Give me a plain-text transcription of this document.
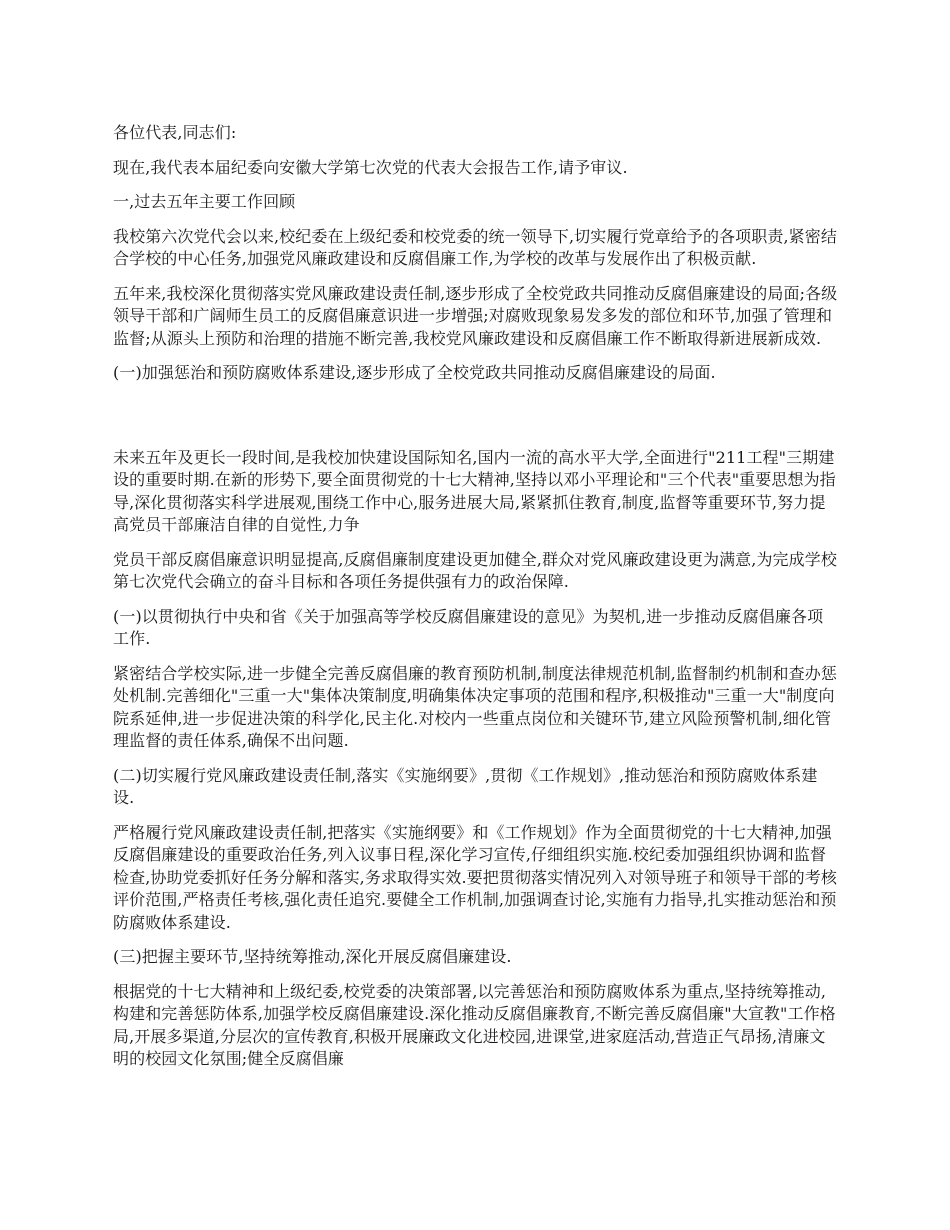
各位代表,同志们:

现在,我代表本届纪委向安徽大学第七次党的代表大会报告工作,请予审议.

一,过去五年主要工作回顾

我校第六次党代会以来,校纪委在上级纪委和校党委的统一领导下,切实履行党章给予的各项职责,紧密结合学校的中心任务,加强党风廉政建设和反腐倡廉工作,为学校的改革与发展作出了积极贡献.

五年来,我校深化贯彻落实党风廉政建设责任制,逐步形成了全校党政共同推动反腐倡廉建设的局面;各级领导干部和广阔师生员工的反腐倡廉意识进一步增强;对腐败现象易发多发的部位和环节,加强了管理和监督;从源头上预防和治理的措施不断完善,我校党风廉政建设和反腐倡廉工作不断取得新进展新成效.

(一)加强惩治和预防腐败体系建设,逐步形成了全校党政共同推动反腐倡廉建设的局面.

未来五年及更长一段时间,是我校加快建设国际知名,国内一流的高水平大学,全面进行"211工程"三期建设的重要时期.在新的形势下,要全面贯彻党的十七大精神,坚持以邓小平理论和"三个代表"重要思想为指导,深化贯彻落实科学进展观,围绕工作中心,服务进展大局,紧紧抓住教育,制度,监督等重要环节,努力提高党员干部廉洁自律的自觉性,力争

党员干部反腐倡廉意识明显提高,反腐倡廉制度建设更加健全,群众对党风廉政建设更为满意,为完成学校第七次党代会确立的奋斗目标和各项任务提供强有力的政治保障.

(一)以贯彻执行中央和省《关于加强高等学校反腐倡廉建设的意见》为契机,进一步推动反腐倡廉各项工作.

紧密结合学校实际,进一步健全完善反腐倡廉的教育预防机制,制度法律规范机制,监督制约机制和查办惩处机制.完善细化"三重一大"集体决策制度,明确集体决定事项的范围和程序,积极推动"三重一大"制度向院系延伸,进一步促进决策的科学化,民主化.对校内一些重点岗位和关键环节,建立风险预警机制,细化管理监督的责任体系,确保不出问题.

(二)切实履行党风廉政建设责任制,落实《实施纲要》,贯彻《工作规划》,推动惩治和预防腐败体系建设.

严格履行党风廉政建设责任制,把落实《实施纲要》和《工作规划》作为全面贯彻党的十七大精神,加强反腐倡廉建设的重要政治任务,列入议事日程,深化学习宣传,仔细组织实施.校纪委加强组织协调和监督检查,协助党委抓好任务分解和落实,务求取得实效.要把贯彻落实情况列入对领导班子和领导干部的考核评价范围,严格责任考核,强化责任追究.要健全工作机制,加强调查讨论,实施有力指导,扎实推动惩治和预防腐败体系建设.

(三)把握主要环节,坚持统筹推动,深化开展反腐倡廉建设.

根据党的十七大精神和上级纪委,校党委的决策部署,以完善惩治和预防腐败体系为重点,坚持统筹推动,构建和完善惩防体系,加强学校反腐倡廉建设.深化推动反腐倡廉教育,不断完善反腐倡廉"大宣教"工作格局,开展多渠道,分层次的宣传教育,积极开展廉政文化进校园,进课堂,进家庭活动,营造正气昂扬,清廉文明的校园文化氛围;健全反腐倡廉
